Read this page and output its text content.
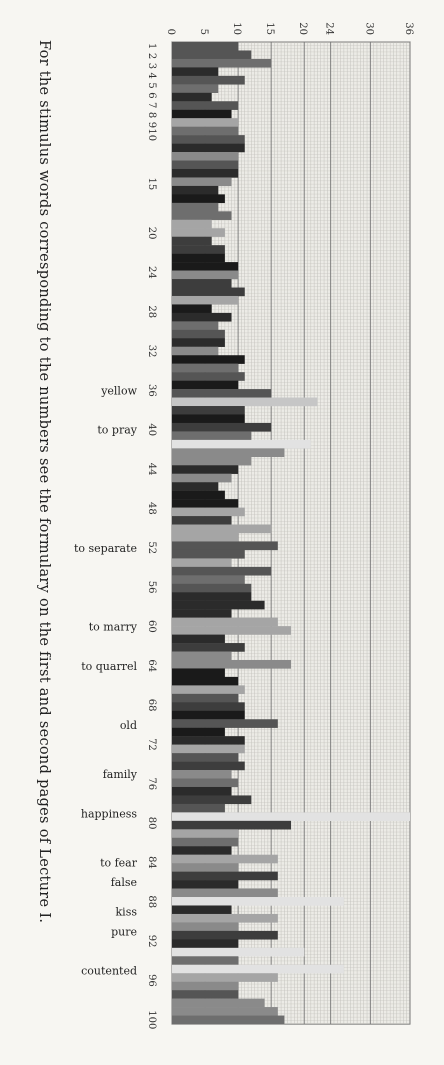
For the stimulus words corresponding to the numbers see the formulary on the first and second pages of Lecture I.
0 5 10 15 20 24	30	36
1
2
3
4
5
6
7
8
9
10
15
20
24
28
32
36
40
44
48
52
56
60
64
68
72
76
80
84
88
92
96
100
yellow
to pray
to separate
to marry
to quarrel
old
family
happiness
to fear
false
kiss
pure
coutented
